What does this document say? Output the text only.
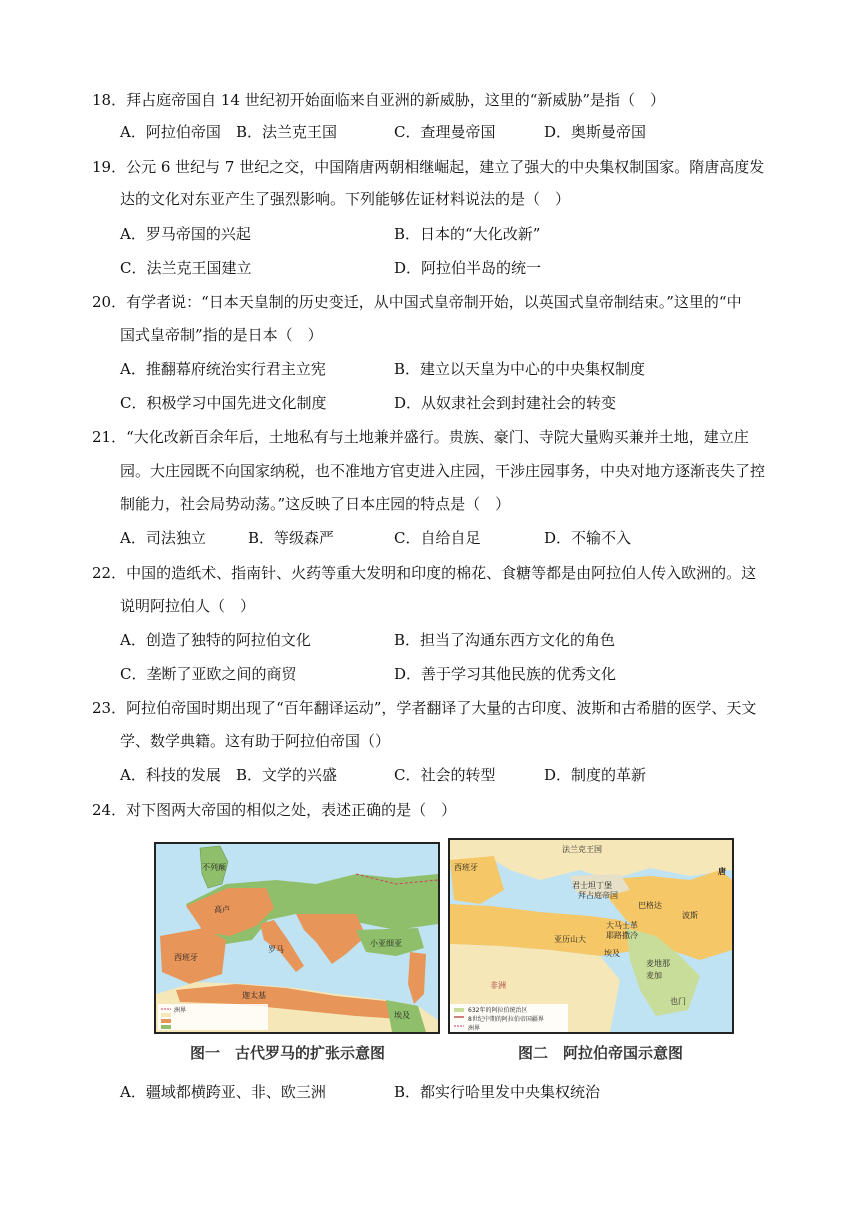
18．拜占庭帝国自 14 世纪初开始面临来自亚洲的新威胁，这里的“新威胁”是指（　）
A．阿拉伯帝国 B．法兰克王国	C．查理曼帝国	D．奥斯曼帝国
19．公元 6 世纪与 7 世纪之交，中国隋唐两朝相继崛起，建立了强大的中央集权制国家。隋唐高度发
达的文化对东亚产生了强烈影响。下列能够佐证材料说法的是（　）
A．罗马帝国的兴起	B．日本的“大化改新”
C．法兰克王国建立	D．阿拉伯半岛的统一
20．有学者说：“日本天皇制的历史变迁，从中国式皇帝制开始，以英国式皇帝制结束。”这里的“中
国式皇帝制”指的是日本（　）
A．推翻幕府统治实行君主立宪	B．建立以天皇为中心的中央集权制度
C．积极学习中国先进文化制度	D．从奴隶社会到封建社会的转变
21．“大化改新百余年后，土地私有与土地兼并盛行。贵族、豪门、寺院大量购买兼并土地，建立庄
园。大庄园既不向国家纳税，也不准地方官吏进入庄园，干涉庄园事务，中央对地方逐渐丧失了控
制能力，社会局势动荡。”这反映了日本庄园的特点是（　）
A．司法独立	B．等级森严	C．自给自足	D．不输不入
22．中国的造纸术、指南针、火药等重大发明和印度的棉花、食糖等都是由阿拉伯人传入欧洲的。这
说明阿拉伯人（　）
A．创造了独特的阿拉伯文化	B．担当了沟通东西方文化的角色
C．垄断了亚欧之间的商贸	D．善于学习其他民族的优秀文化
23．阿拉伯帝国时期出现了“百年翻译运动”，学者翻译了大量的古印度、波斯和古希腊的医学、天文
学、数学典籍。这有助于阿拉伯帝国（）
A．科技的发展 B．文学的兴盛	C．社会的转型	D．制度的革新
24．对下图两大帝国的相似之处，表述正确的是（　）
不列颠
高卢
西班牙
罗马
小亚细亚
迦太基
埃及
洲界
图一　古代罗马的扩张示意图
法兰克王国
西班牙
君士坦丁堡
拜占庭帝国
巴格达
波斯
大马士革
耶路撒冷
亚历山大
埃及
麦地那
麦加
也门
唐
非洲
632年的阿拉伯统治区
8世纪中期的阿拉伯帝国疆界
洲界
图二　阿拉伯帝国示意图
A．疆域都横跨亚、非、欧三洲	B．都实行哈里发中央集权统治
